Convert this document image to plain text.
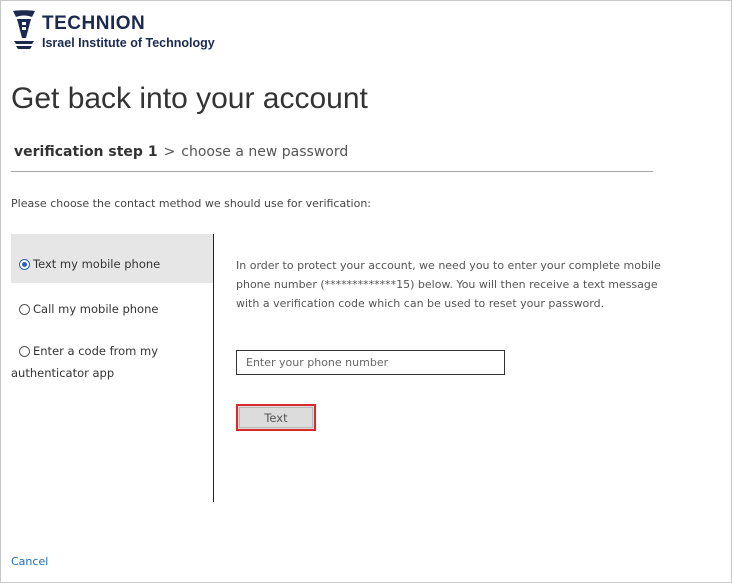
TECHNION
Israel Institute of Technology
Get back into your account
verification step 1 > choose a new password
Please choose the contact method we should use for verification:
Text my mobile phone
Call my mobile phone
Enter a code from my
authenticator app

In order to protect your account, we need you to enter your complete mobile phone number (*************15) below. You will then receive a text message with a verification code which can be used to reset your password.

Enter your phone number
Text
Cancel
